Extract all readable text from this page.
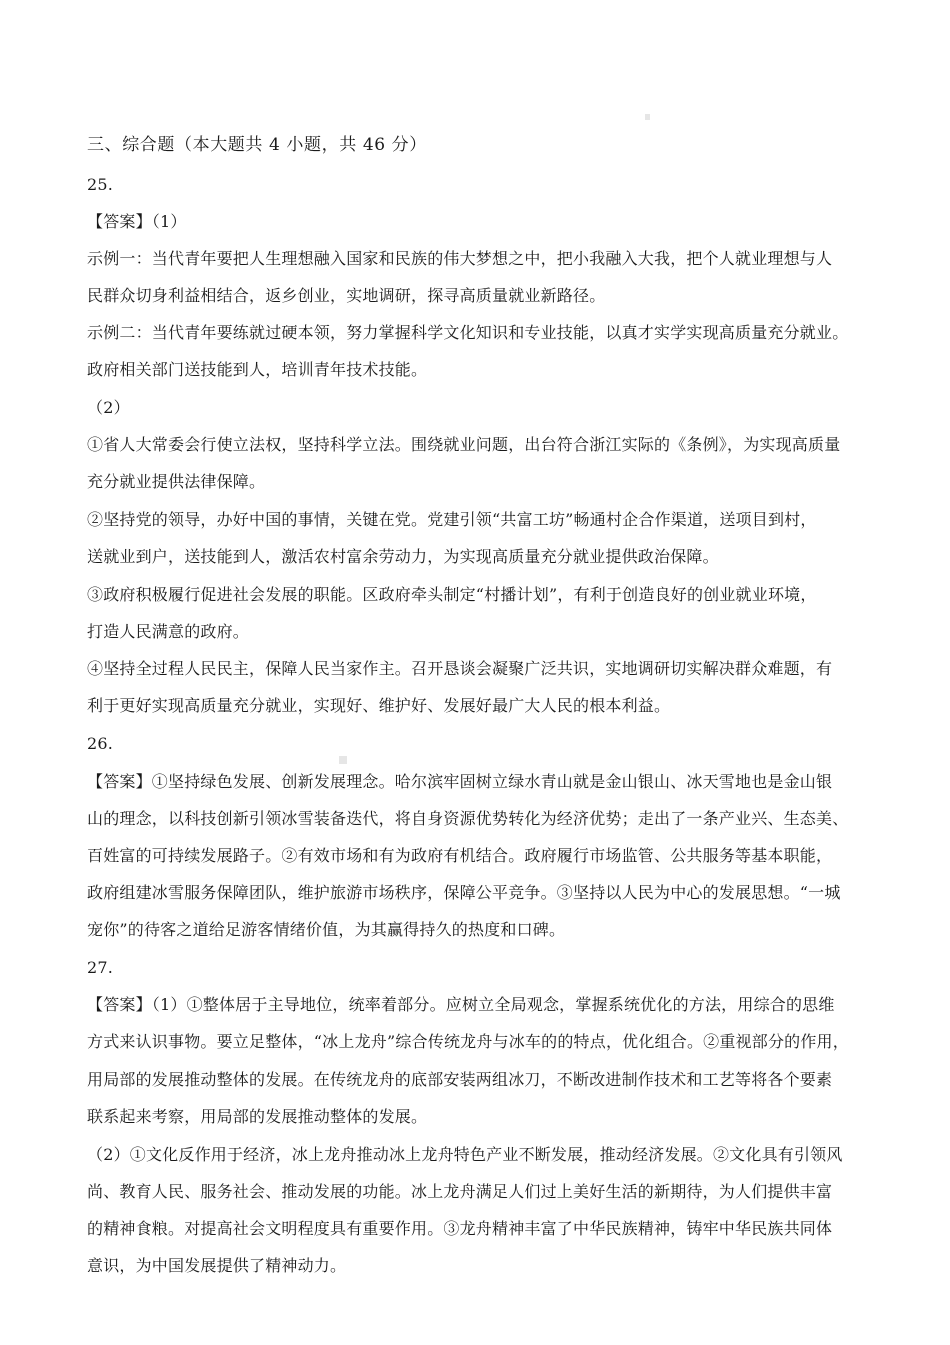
三、综合题（本大题共 4 小题，共 46 分）
25.
【答案】（1）
示例一：当代青年要把人生理想融入国家和民族的伟大梦想之中，把小我融入大我，把个人就业理想与人
民群众切身利益相结合，返乡创业，实地调研，探寻高质量就业新路径。
示例二：当代青年要练就过硬本领，努力掌握科学文化知识和专业技能，以真才实学实现高质量充分就业。
政府相关部门送技能到人，培训青年技术技能。
（2）
①省人大常委会行使立法权，坚持科学立法。围绕就业问题，出台符合浙江实际的《条例》，为实现高质量
充分就业提供法律保障。
②坚持党的领导，办好中国的事情，关键在党。党建引领“共富工坊”畅通村企合作渠道，送项目到村，
送就业到户，送技能到人，激活农村富余劳动力，为实现高质量充分就业提供政治保障。
③政府积极履行促进社会发展的职能。区政府牵头制定“村播计划”，有利于创造良好的创业就业环境，
打造人民满意的政府。
④坚持全过程人民民主，保障人民当家作主。召开恳谈会凝聚广泛共识，实地调研切实解决群众难题，有
利于更好实现高质量充分就业，实现好、维护好、发展好最广大人民的根本利益。
26.
【答案】①坚持绿色发展、创新发展理念。哈尔滨牢固树立绿水青山就是金山银山、冰天雪地也是金山银
山的理念，以科技创新引领冰雪装备迭代，将自身资源优势转化为经济优势；走出了一条产业兴、生态美、
百姓富的可持续发展路子。②有效市场和有为政府有机结合。政府履行市场监管、公共服务等基本职能，
政府组建冰雪服务保障团队，维护旅游市场秩序，保障公平竞争。③坚持以人民为中心的发展思想。“一城
宠你”的待客之道给足游客情绪价值，为其赢得持久的热度和口碑。
27.
【答案】（1）①整体居于主导地位，统率着部分。应树立全局观念，掌握系统优化的方法，用综合的思维
方式来认识事物。要立足整体，“冰上龙舟”综合传统龙舟与冰车的的特点，优化组合。②重视部分的作用，
用局部的发展推动整体的发展。在传统龙舟的底部安装两组冰刀，不断改进制作技术和工艺等将各个要素
联系起来考察，用局部的发展推动整体的发展。
（2）①文化反作用于经济，冰上龙舟推动冰上龙舟特色产业不断发展，推动经济发展。②文化具有引领风
尚、教育人民、服务社会、推动发展的功能。冰上龙舟满足人们过上美好生活的新期待，为人们提供丰富
的精神食粮。对提高社会文明程度具有重要作用。③龙舟精神丰富了中华民族精神，铸牢中华民族共同体
意识，为中国发展提供了精神动力。
